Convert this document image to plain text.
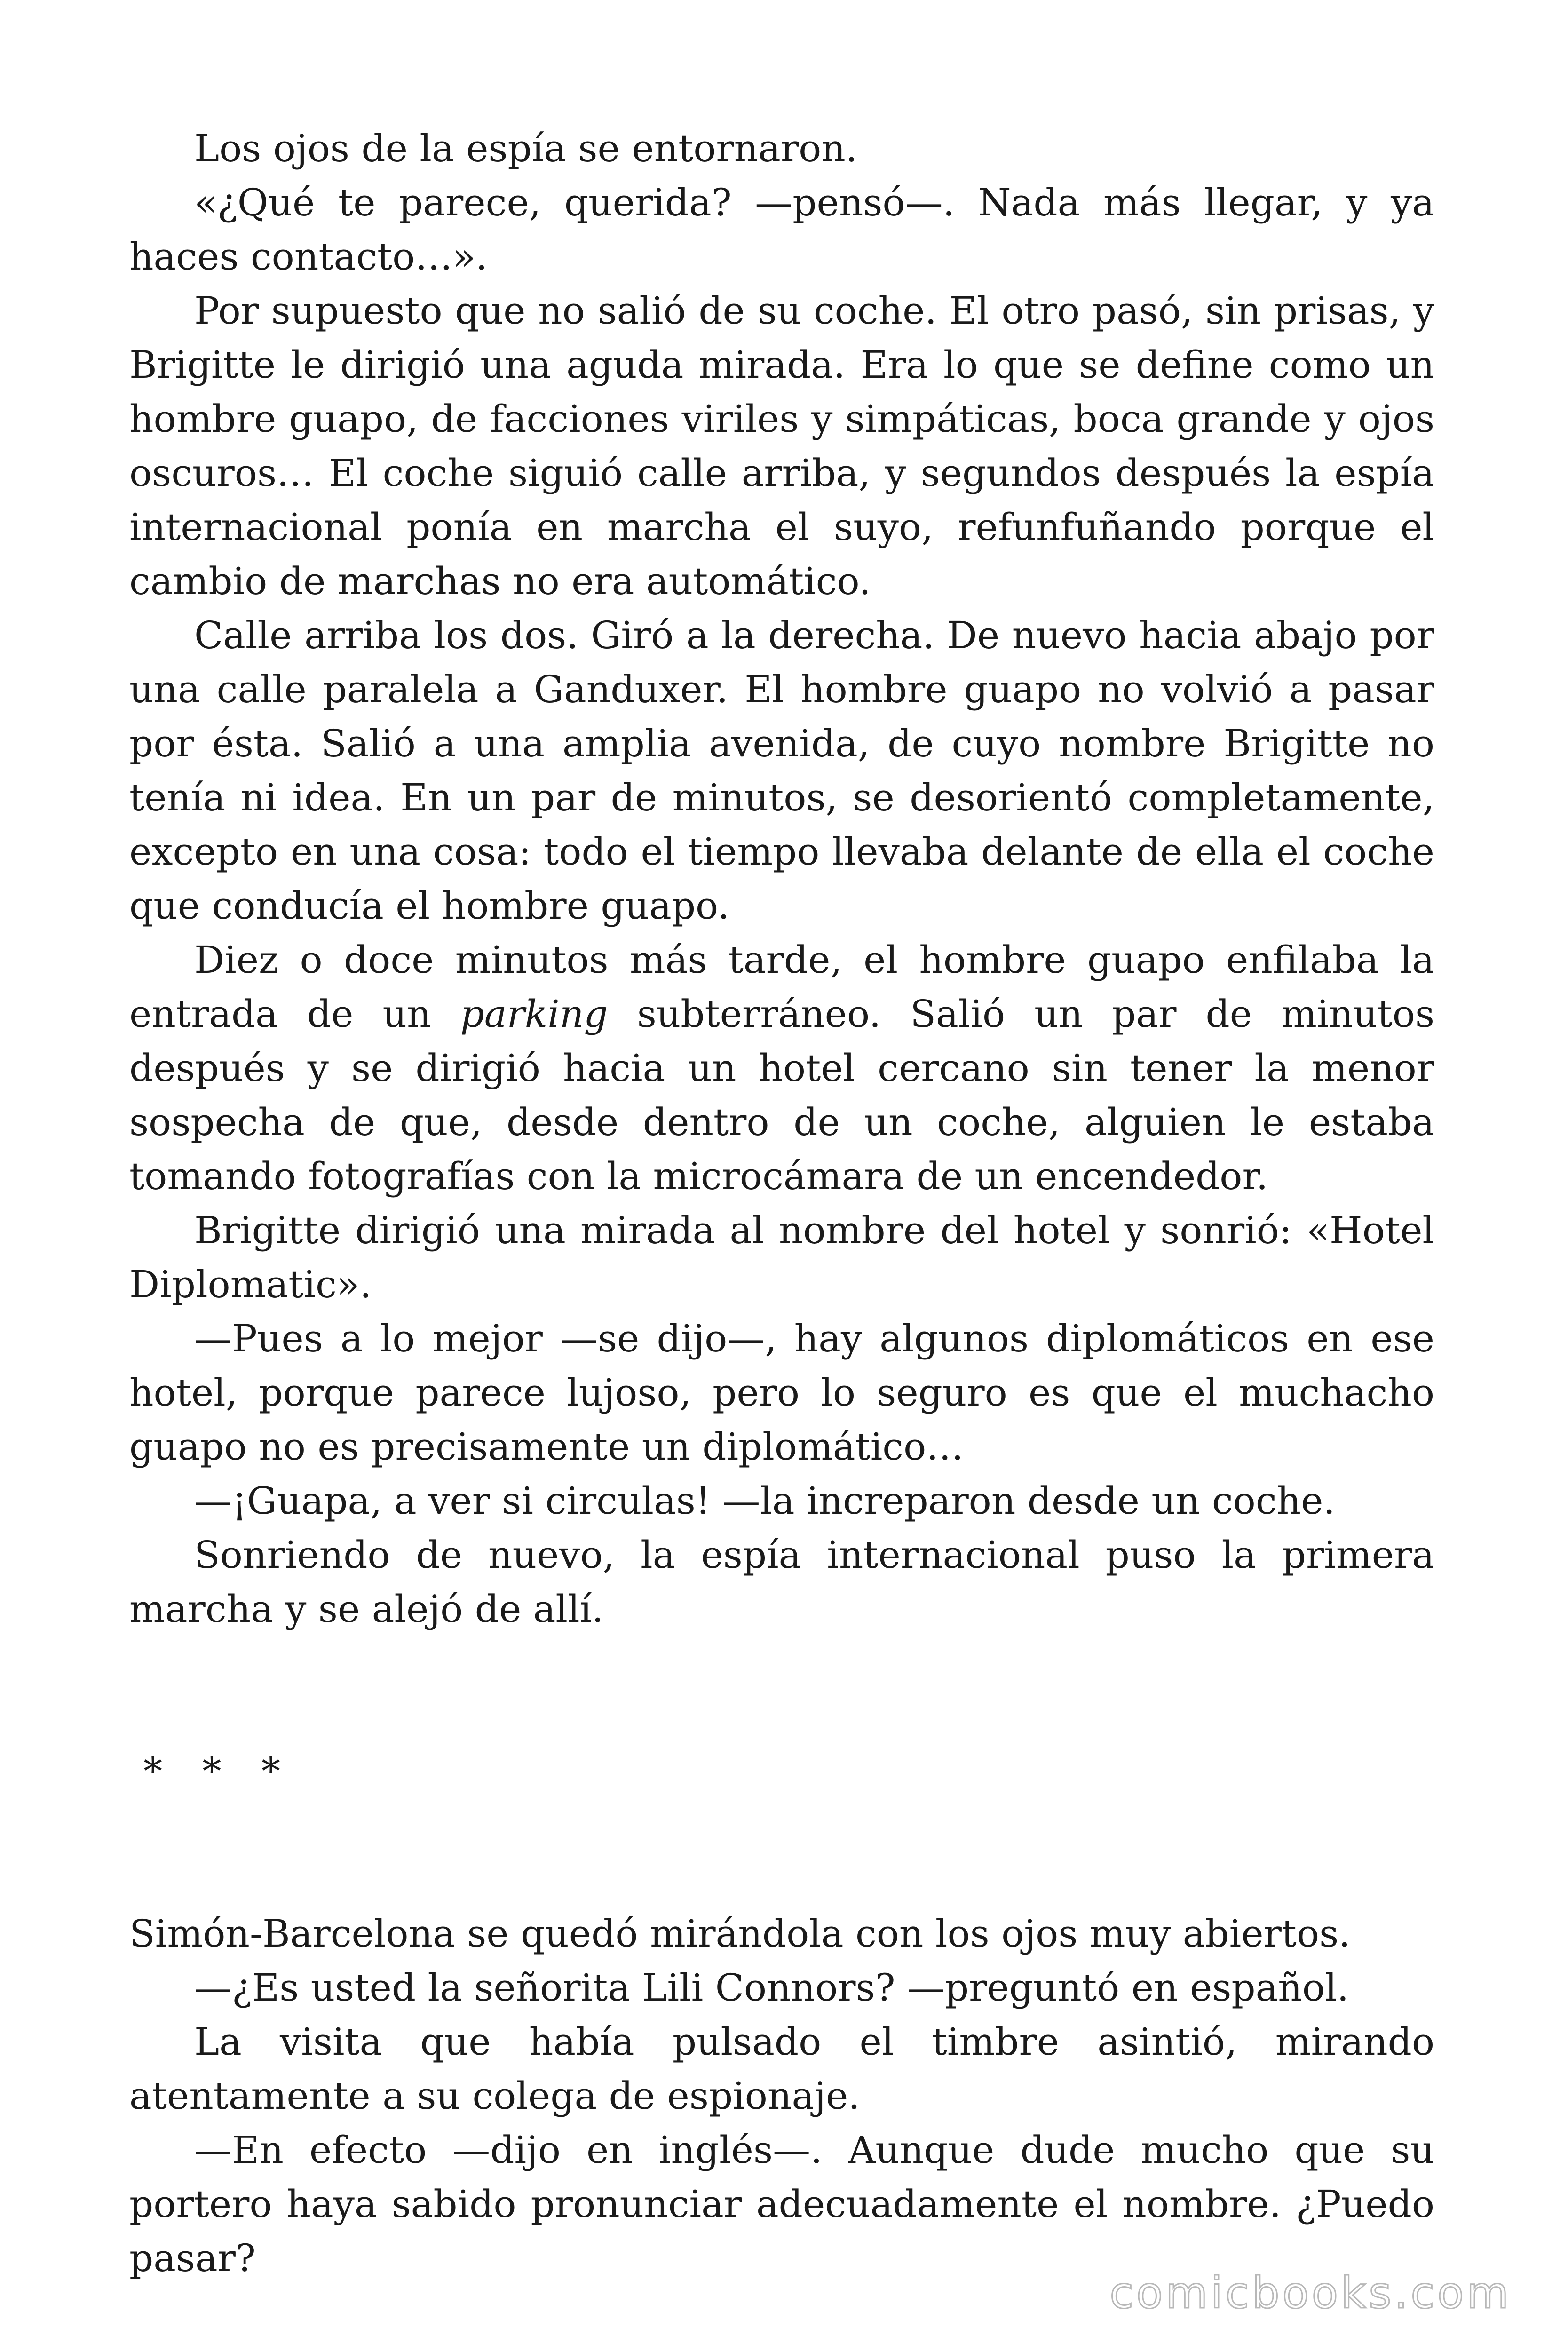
Los ojos de la espía se entornaron.

«¿Qué te parece, querida? —pensó—. Nada más llegar, y ya haces contacto…».

Por supuesto que no salió de su coche. El otro pasó, sin prisas, y Brigitte le dirigió una aguda mirada. Era lo que se define como un hombre guapo, de facciones viriles y simpáticas, boca grande y ojos oscuros… El coche siguió calle arriba, y segundos después la espía internacional ponía en marcha el suyo, refunfuñando porque el cambio de marchas no era automático.

Calle arriba los dos. Giró a la derecha. De nuevo hacia abajo por una calle paralela a Ganduxer. El hombre guapo no volvió a pasar por ésta. Salió a una amplia avenida, de cuyo nombre Brigitte no tenía ni idea. En un par de minutos, se desorientó completamente, excepto en una cosa: todo el tiempo llevaba delante de ella el coche que conducía el hombre guapo.

Diez o doce minutos más tarde, el hombre guapo enfilaba la entrada de un parking subterráneo. Salió un par de minutos después y se dirigió hacia un hotel cercano sin tener la menor sospecha de que, desde dentro de un coche, alguien le estaba tomando fotografías con la microcámara de un encendedor.

Brigitte dirigió una mirada al nombre del hotel y sonrió: «Hotel Diplomatic».

—Pues a lo mejor —se dijo—, hay algunos diplomáticos en ese hotel, porque parece lujoso, pero lo seguro es que el muchacho guapo no es precisamente un diplomático…

—¡Guapa, a ver si circulas! —la increparon desde un coche.

Sonriendo de nuevo, la espía internacional puso la primera marcha y se alejó de allí.

* * *

Simón-Barcelona se quedó mirándola con los ojos muy abiertos.

—¿Es usted la señorita Lili Connors? —preguntó en español.

La visita que había pulsado el timbre asintió, mirando atentamente a su colega de espionaje.

—En efecto —dijo en inglés—. Aunque dude mucho que su portero haya sabido pronunciar adecuadamente el nombre. ¿Puedo pasar?

comicbooks.com
